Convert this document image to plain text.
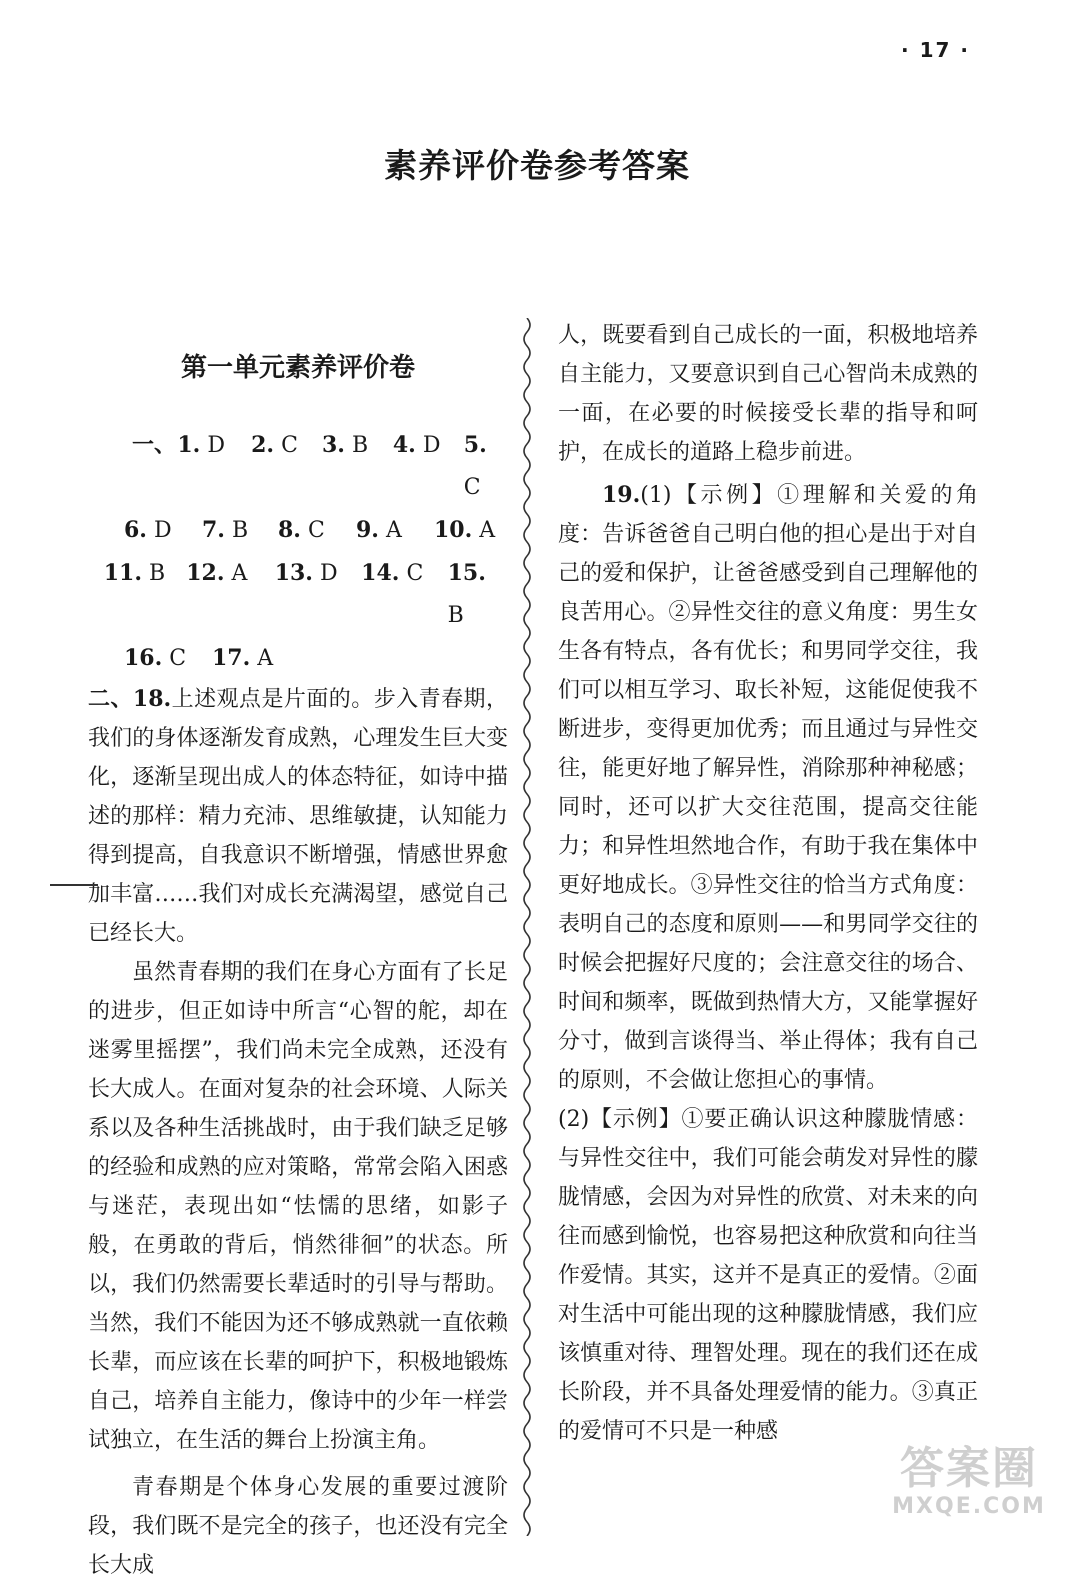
· 17 ·
素养评价卷参考答案
第一单元素养评价卷
一、 1. D	2. C	3. B	4. D	5. C
6. D	7. B	8. C	9. A	10. A
11. B 12. A	13. D	14. C	15. B
16. C	17. A

二、18.上述观点是片面的。步入青春期，我们的身体逐渐发育成熟，心理发生巨大变化，逐渐呈现出成人的体态特征，如诗中描述的那样：精力充沛、思维敏捷，认知能力得到提高，自我意识不断增强，情感世界愈加丰富……我们对成长充满渴望，感觉自己已经长大。

虽然青春期的我们在身心方面有了长足的进步，但正如诗中所言“心智的舵，却在迷雾里摇摆”，我们尚未完全成熟，还没有长大成人。在面对复杂的社会环境、人际关系以及各种生活挑战时，由于我们缺乏足够的经验和成熟的应对策略，常常会陷入困惑与迷茫，表现出如“怯懦的思绪，如影子般，在勇敢的背后，悄然徘徊”的状态。所以，我们仍然需要长辈适时的引导与帮助。当然，我们不能因为还不够成熟就一直依赖长辈，而应该在长辈的呵护下，积极地锻炼自己，培养自主能力，像诗中的少年一样尝试独立，在生活的舞台上扮演主角。

青春期是个体身心发展的重要过渡阶段，我们既不是完全的孩子，也还没有完全长大成

人，既要看到自己成长的一面，积极地培养自主能力，又要意识到自己心智尚未成熟的一面，在必要的时候接受长辈的指导和呵护，在成长的道路上稳步前进。

19.(1)【示例】①理解和关爱的角度：告诉爸爸自己明白他的担心是出于对自己的爱和保护，让爸爸感受到自己理解他的良苦用心。②异性交往的意义角度：男生女生各有特点，各有优长；和男同学交往，我们可以相互学习、取长补短，这能促使我不断进步，变得更加优秀；而且通过与异性交往，能更好地了解异性，消除那种神秘感；同时，还可以扩大交往范围，提高交往能力；和异性坦然地合作，有助于我在集体中更好地成长。③异性交往的恰当方式角度：表明自己的态度和原则——和男同学交往的时候会把握好尺度的；会注意交往的场合、时间和频率，既做到热情大方，又能掌握好分寸，做到言谈得当、举止得体；我有自己的原则，不会做让您担心的事情。

(2)【示例】①要正确认识这种朦胧情感：与异性交往中，我们可能会萌发对异性的朦胧情感，会因为对异性的欣赏、对未来的向往而感到愉悦，也容易把这种欣赏和向往当作爱情。其实，这并不是真正的爱情。②面对生活中可能出现的这种朦胧情感，我们应该慎重对待、理智处理。现在的我们还在成长阶段，并不具备处理爱情的能力。③真正的爱情可不只是一种感

答案圈
MXQE.COM
